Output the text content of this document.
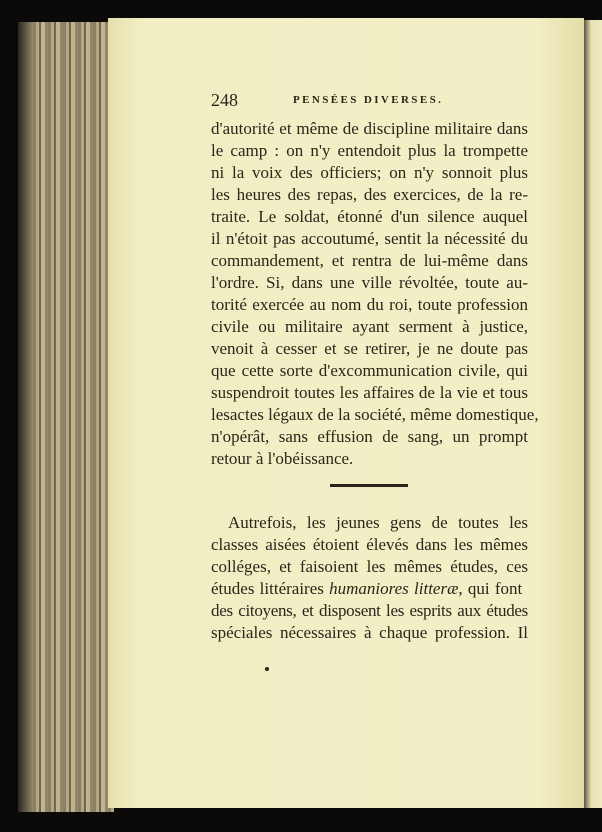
248	PENSÉES DIVERSES.
d'autorité et même de discipline militaire dans
le camp : on n'y entendoit plus la trompette
ni la voix des officiers; on n'y sonnoit plus
les heures des repas, des exercices, de la re-
traite. Le soldat, étonné d'un silence auquel
il n'étoit pas accoutumé, sentit la nécessité du
commandement, et rentra de lui-même dans
l'ordre. Si, dans une ville révoltée, toute au-
torité exercée au nom du roi, toute profession
civile ou militaire ayant serment à justice,
venoit à cesser et se retirer, je ne doute pas
que cette sorte d'excommunication civile, qui
suspendroit toutes les affaires de la vie et tous
lesactes légaux de la société, même domestique,
n'opérât, sans effusion de sang, un prompt
retour à l'obéissance.
Autrefois, les jeunes gens de toutes les
classes aisées étoient élevés dans les mêmes
colléges, et faisoient les mêmes études, ces
études littéraires humaniores litteræ, qui font
des citoyens, et disposent les esprits aux études
spéciales nécessaires à chaque profession. Il
